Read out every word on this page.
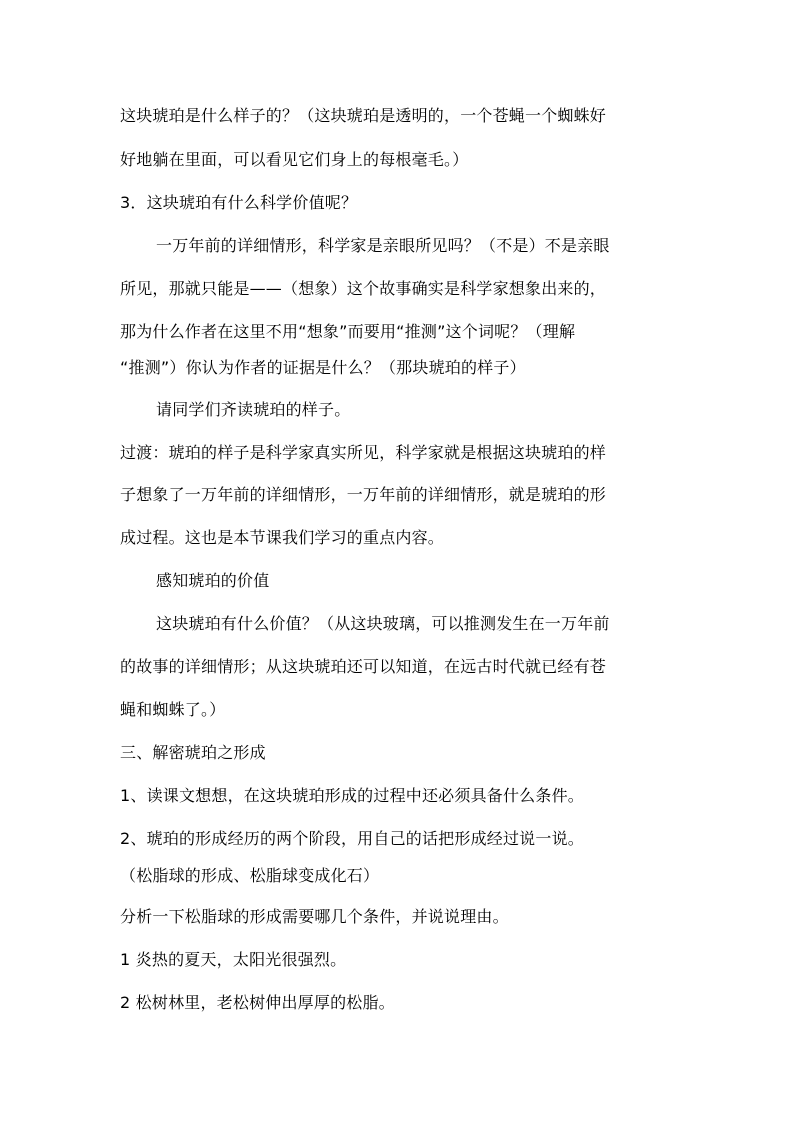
这块琥珀是什么样子的？（这块琥珀是透明的，一个苍蝇一个蜘蛛好
好地躺在里面，可以看见它们身上的每根毫毛。）
3．这块琥珀有什么科学价值呢？
一万年前的详细情形，科学家是亲眼所见吗？（不是）不是亲眼
所见，那就只能是——（想象）这个故事确实是科学家想象出来的，
那为什么作者在这里不用“想象”而要用“推测”这个词呢？（理解
“推测”）你认为作者的证据是什么？（那块琥珀的样子）
请同学们齐读琥珀的样子。
过渡：琥珀的样子是科学家真实所见，科学家就是根据这块琥珀的样
子想象了一万年前的详细情形，一万年前的详细情形，就是琥珀的形
成过程。这也是本节课我们学习的重点内容。
感知琥珀的价值
这块琥珀有什么价值？（从这块玻璃，可以推测发生在一万年前
的故事的详细情形；从这块琥珀还可以知道，在远古时代就已经有苍
蝇和蜘蛛了。）
三、解密琥珀之形成
1、读课文想想，在这块琥珀形成的过程中还必须具备什么条件。
2、琥珀的形成经历的两个阶段，用自己的话把形成经过说一说。
（松脂球的形成、松脂球变成化石）
分析一下松脂球的形成需要哪几个条件，并说说理由。
1 炎热的夏天，太阳光很强烈。
2 松树林里，老松树伸出厚厚的松脂。
